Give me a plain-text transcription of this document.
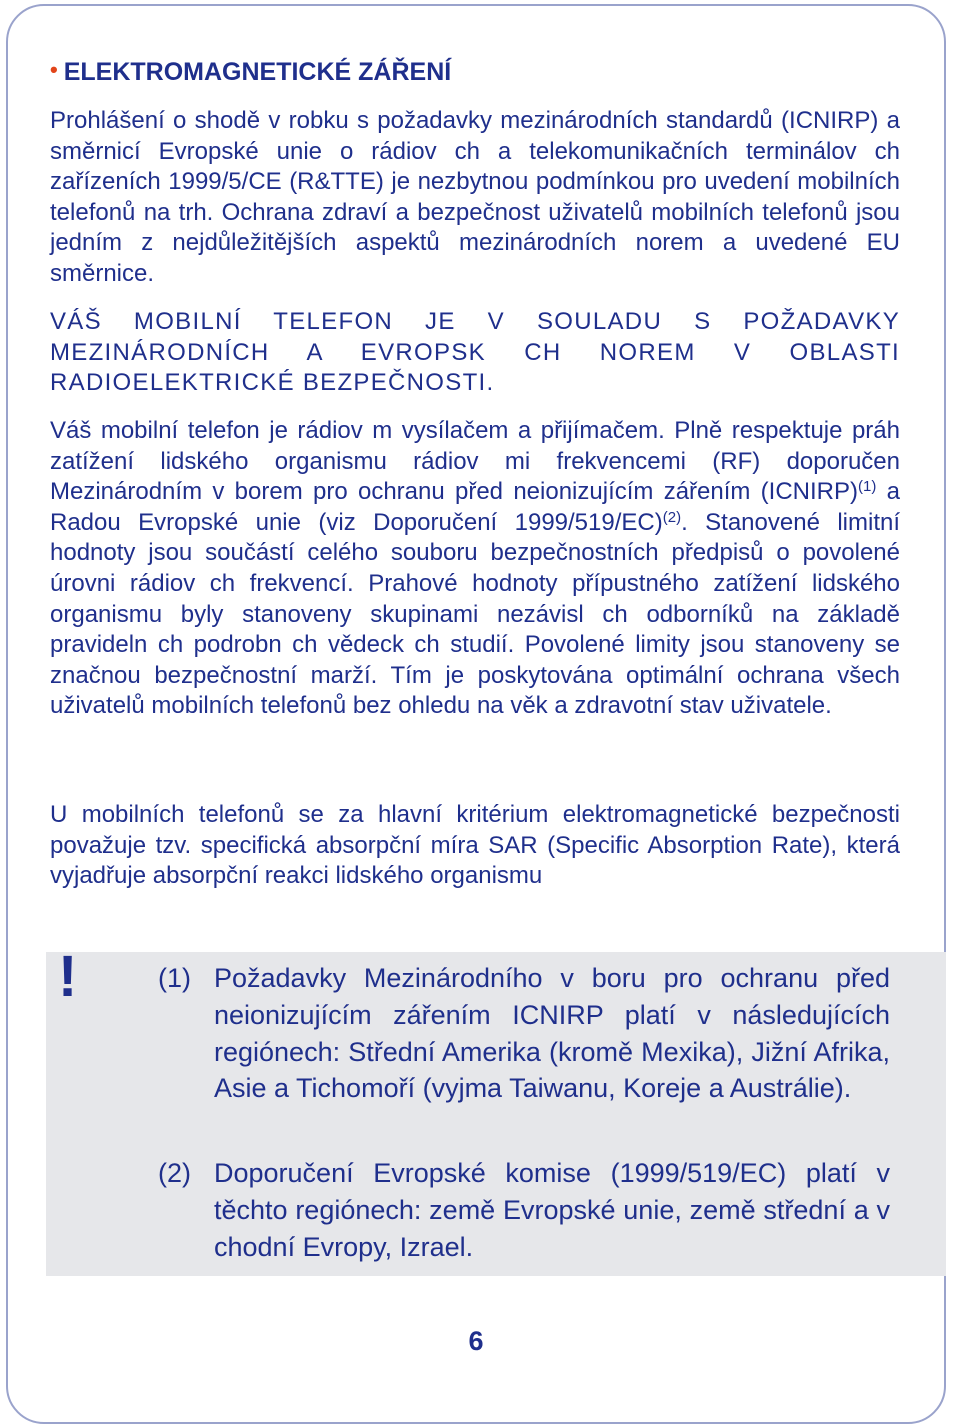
• ELEKTROMAGNETICKÉ ZÁŘENÍ

Prohlášení o shodě v robku s požadavky mezinárodních standardů (ICNIRP) a směrnicí Evropské unie o rádiov ch a telekomunikačních terminálov ch zařízeních 1999/5/CE (R&TTE) je nezbytnou podmínkou pro uvedení mobilních telefonů na trh. Ochrana zdraví a bezpečnost uživatelů mobilních telefonů jsou jedním z nejdůležitějších aspektů mezinárodních norem a uvedené EU směrnice.

VÁŠ MOBILNÍ TELEFON JE V SOULADU S POŽADAVKY MEZINÁRODNÍCH A EVROPSK CH NOREM V OBLASTI RADIOELEKTRICKÉ BEZPEČNOSTI.

Váš mobilní telefon je rádiov m vysílačem a přijímačem. Plně respektuje práh zatížení lidského organismu rádiov mi frekvencemi (RF) doporučen Mezinárodním v borem pro ochranu před neionizujícím zářením (ICNIRP)$^{(1)}$ a Radou Evropské unie (viz Doporučení 1999/519/EC)$^{(2)}$. Stanovené limitní hodnoty jsou součástí celého souboru bezpečnostních předpisů o povolené úrovni rádiov ch frekvencí. Prahové hodnoty přípustného zatížení lidského organismu byly stanoveny skupinami nezávisl ch odborníků na základě pravideln ch podrobn ch vědeck ch studií. Povolené limity jsou stanoveny se značnou bezpečnostní marží. Tím je poskytována optimální ochrana všech uživatelů mobilních telefonů bez ohledu na věk a zdravotní stav uživatele.

U mobilních telefonů se za hlavní kritérium elektromagnetické bezpečnosti považuje tzv. specifická absorpční míra SAR (Specific Absorption Rate), která vyjadřuje absorpční reakci lidského organismu

!	(1) Požadavky Mezinárodního v boru pro ochranu před neionizujícím zářením ICNIRP platí v následujících regiónech: Střední Amerika (kromě Mexika), Jižní Afrika, Asie a Tichomoří (vyjma Taiwanu, Koreje a Austrálie).
(2) Doporučení Evropské komise (1999/519/EC) platí v těchto regiónech: země Evropské unie, země střední a v chodní Evropy, Izrael.
6
